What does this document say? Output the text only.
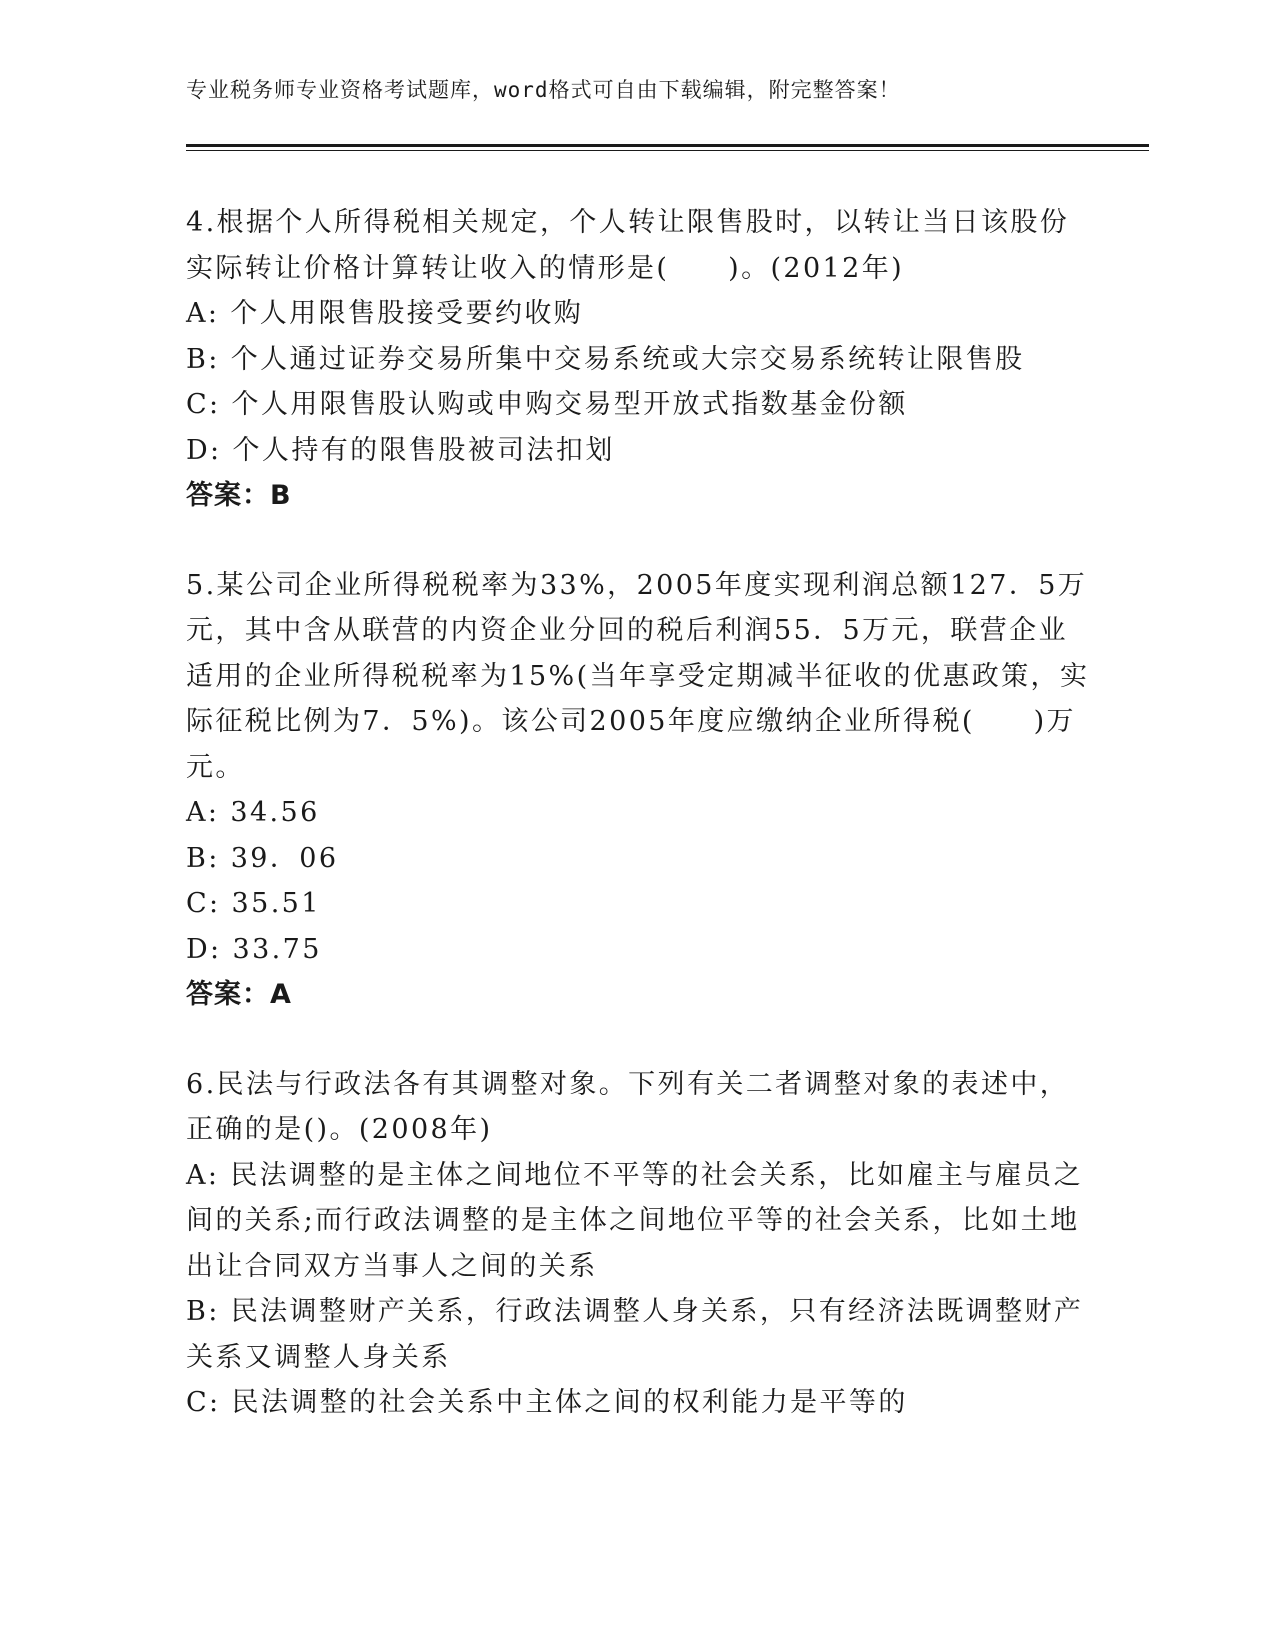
专业税务师专业资格考试题库，word格式可自由下载编辑，附完整答案！
4.根据个人所得税相关规定，个人转让限售股时，以转让当日该股份
实际转让价格计算转让收入的情形是(　　)。(2012年)
A: 个人用限售股接受要约收购
B: 个人通过证券交易所集中交易系统或大宗交易系统转让限售股
C: 个人用限售股认购或申购交易型开放式指数基金份额
D: 个人持有的限售股被司法扣划
答案：B
5.某公司企业所得税税率为33%，2005年度实现利润总额127．5万
元，其中含从联营的内资企业分回的税后利润55．5万元，联营企业
适用的企业所得税税率为15%(当年享受定期减半征收的优惠政策，实
际征税比例为7．5%)。该公司2005年度应缴纳企业所得税(　　)万
元。
A: 34.56
B: 39．06
C: 35.51
D: 33.75
答案：A
6.民法与行政法各有其调整对象。下列有关二者调整对象的表述中，
正确的是()。(2008年)
A: 民法调整的是主体之间地位不平等的社会关系，比如雇主与雇员之
间的关系;而行政法调整的是主体之间地位平等的社会关系，比如土地
出让合同双方当事人之间的关系
B: 民法调整财产关系，行政法调整人身关系，只有经济法既调整财产
关系又调整人身关系
C: 民法调整的社会关系中主体之间的权利能力是平等的
